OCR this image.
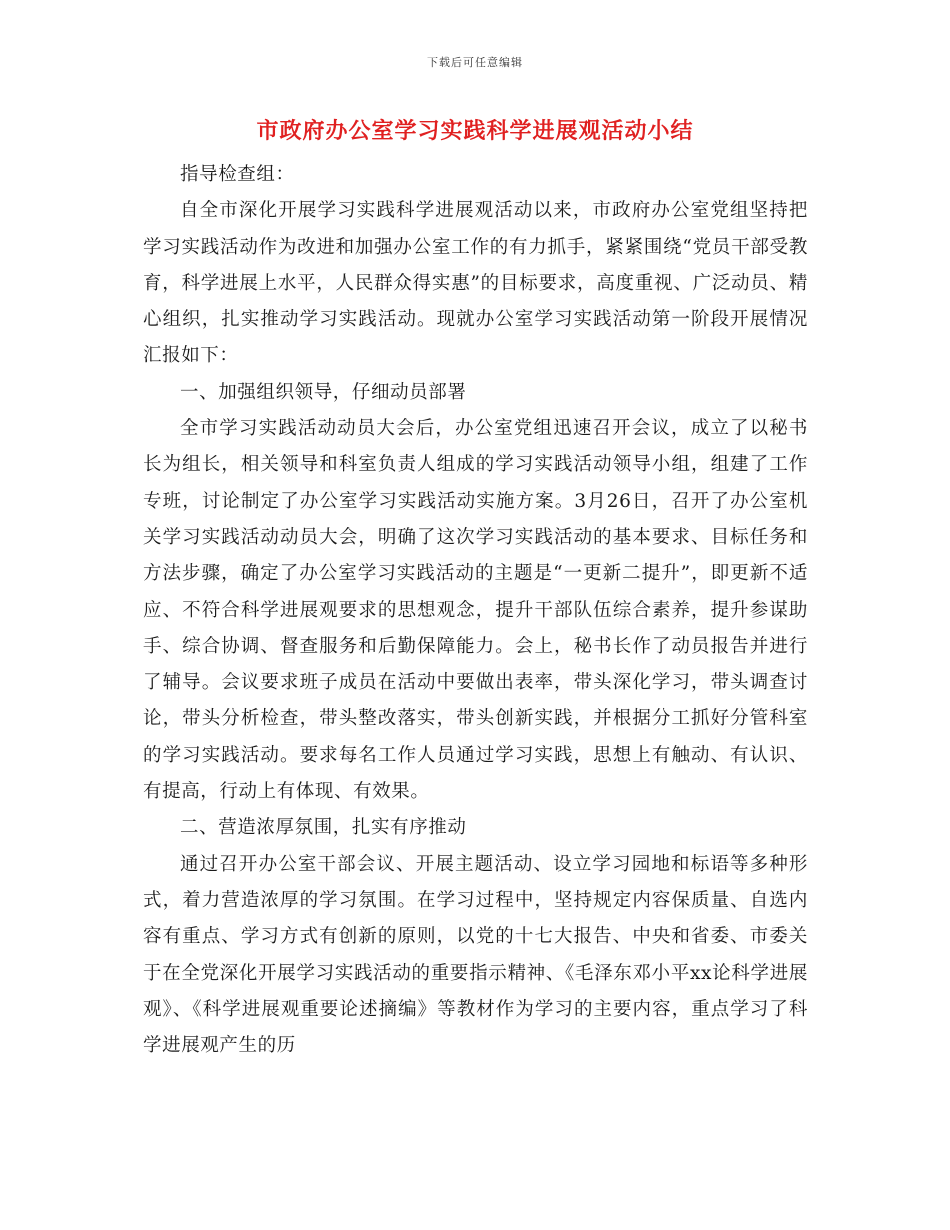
下载后可任意编辑
市政府办公室学习实践科学进展观活动小结

指导检查组：

自全市深化开展学习实践科学进展观活动以来，市政府办公室党组坚持把学习实践活动作为改进和加强办公室工作的有力抓手，紧紧围绕“党员干部受教育，科学进展上水平，人民群众得实惠”的目标要求，高度重视、广泛动员、精心组织，扎实推动学习实践活动。现就办公室学习实践活动第一阶段开展情况汇报如下：

一、加强组织领导，仔细动员部署

全市学习实践活动动员大会后，办公室党组迅速召开会议，成立了以秘书长为组长，相关领导和科室负责人组成的学习实践活动领导小组，组建了工作专班，讨论制定了办公室学习实践活动实施方案。3月26日，召开了办公室机关学习实践活动动员大会，明确了这次学习实践活动的基本要求、目标任务和方法步骤，确定了办公室学习实践活动的主题是“一更新二提升”，即更新不适应、不符合科学进展观要求的思想观念，提升干部队伍综合素养，提升参谋助手、综合协调、督查服务和后勤保障能力。会上，秘书长作了动员报告并进行了辅导。会议要求班子成员在活动中要做出表率，带头深化学习，带头调查讨论，带头分析检查，带头整改落实，带头创新实践，并根据分工抓好分管科室的学习实践活动。要求每名工作人员通过学习实践，思想上有触动、有认识、有提高，行动上有体现、有效果。

二、营造浓厚氛围，扎实有序推动

通过召开办公室干部会议、开展主题活动、设立学习园地和标语等多种形式，着力营造浓厚的学习氛围。在学习过程中，坚持规定内容保质量、自选内容有重点、学习方式有创新的原则，以党的十七大报告、中央和省委、市委关于在全党深化开展学习实践活动的重要指示精神、《毛泽东邓小平xx论科学进展观》、《科学进展观重要论述摘编》等教材作为学习的主要内容，重点学习了科学进展观产生的历
